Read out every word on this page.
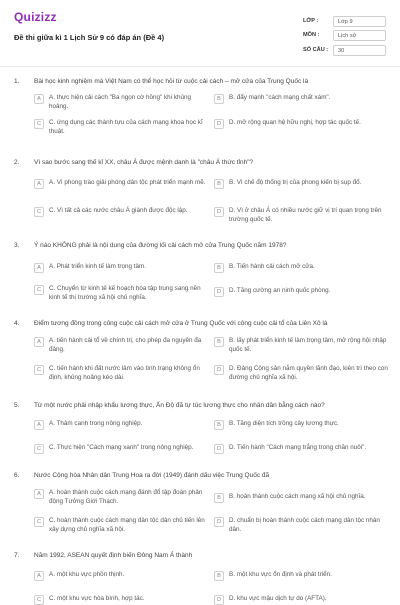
Quizizz
Đề thi giữa kì 1 Lịch Sử 9 có đáp án (Đề 4)
LỚP :	Lớp 9
MÔN :	Lịch sử
SỐ CÂU :	30
1.	Bài học kinh nghiệm mà Việt Nam có thể học hỏi từ cuộc cải cách – mở cửa của Trung Quốc là
A	A. thực hiện cải cách "Ba ngọn cờ hồng" khi khủng hoảng.
B	B. đẩy mạnh "cách mạng chất xám".
C	C. ứng dụng các thành tựu của cách mạng khoa học kĩ thuật.
D	D. mở rộng quan hệ hữu nghị, hợp tác quốc tế.
2.	Vì sao bước sang thế kỉ XX, châu Á được mệnh danh là "châu Á thức tỉnh"?
A	A. Vì phong trào giải phóng dân tộc phát triển mạnh mẽ.	B	B. Vì chế độ thống trị của phong kiến bị sụp đổ.
C	C. Vì tất cả các nước châu Á giành được độc lập.	D	D. Vì ở châu Á có nhiều nước giữ vị trí quan trọng trên trường quốc tế.
3.	Ý nào KHÔNG phải là nội dung của đường lối cải cách mở cửa Trung Quốc năm 1978?
A	A. Phát triển kinh tế làm trọng tâm.	B	B. Tiến hành cải cách mở cửa.
C	C. Chuyển từ kinh tế kế hoạch hóa tập trung sang nền kinh tế thị trường xã hội chủ nghĩa.
D	D. Tăng cường an ninh quốc phòng.
4.	Điểm tương đồng trong công cuộc cải cách mở cửa ở Trung Quốc với công cuộc cải tổ của Liên Xô là
A	A. tiến hành cải tổ về chính trị, cho phép đa nguyên đa đảng.
B	B. lấy phát triển kinh tế làm trọng tâm, mở rộng hội nhập quốc tế.
C	C. tiến hành khi đất nước lâm vào tình trạng không ổn định, khủng hoảng kéo dài.
D	D. Đảng Cộng sản nắm quyền lãnh đạo, kiên trì theo con đường chủ nghĩa xã hội.
5.	Từ một nước phải nhập khẩu lương thực, Ấn Độ đã tự túc lương thực cho nhân dân bằng cách nào?
A	A. Thâm canh trong nông nghiệp.	B	B. Tăng diện tích trồng cây lương thực.
C	C. Thực hiện "Cách mạng xanh" trong nông nghiệp.	D	D. Tiến hành "Cách mạng trắng trong chăn nuôi".
6.	Nước Cộng hòa Nhân dân Trung Hoa ra đời (1949) đánh dấu việc Trung Quốc đã
A	A. hoàn thành cuộc cách mạng đánh đổ tập đoàn phản động Tưởng Giới Thạch.	B	B. hoàn thành cuộc cách mạng xã hội chủ nghĩa.
C	C. hoàn thành cuộc cách mạng dân tộc dân chủ tiến lên xây dựng chủ nghĩa xã hội.
D	D. chuẩn bị hoàn thành cuộc cách mạng dân tộc nhân dân.
7.	Năm 1992, ASEAN quyết định biến Đông Nam Á thành
A	A. một khu vực phồn thịnh.	B	B. một khu vực ổn định và phát triển.
C	C. một khu vực hòa bình, hợp tác.	D	D. khu vực mậu dịch tự do (AFTA).
